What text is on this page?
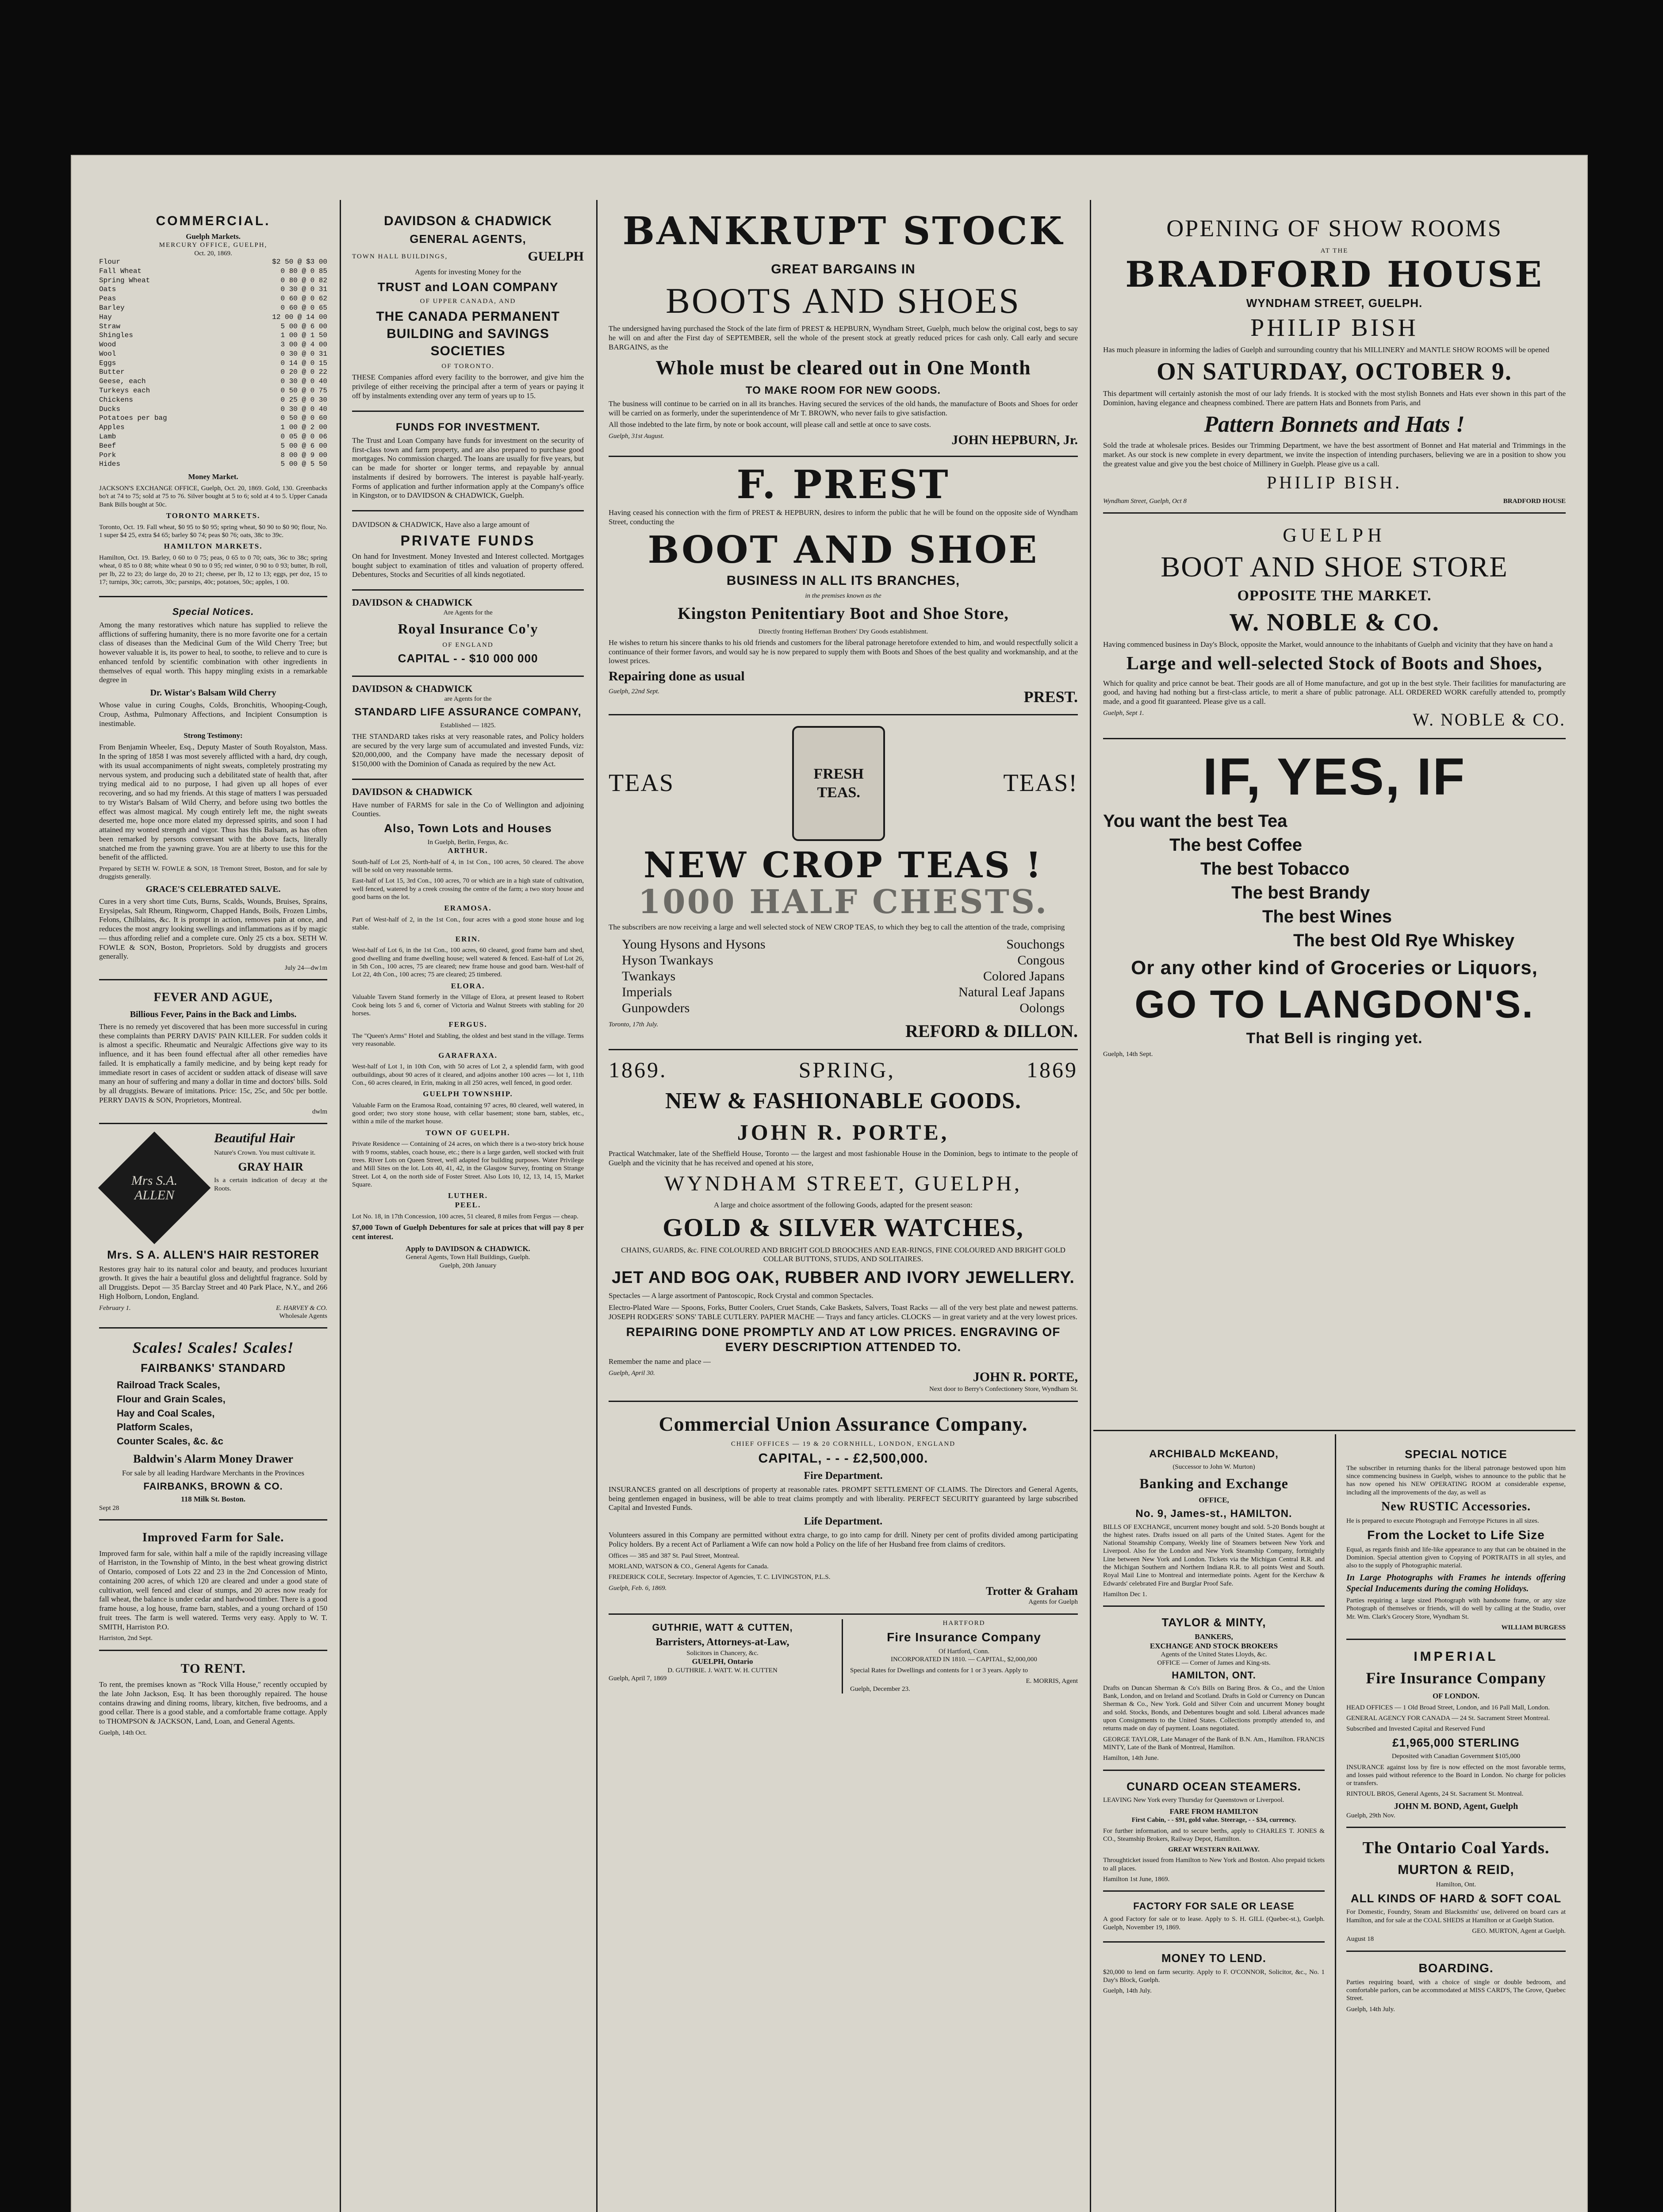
COMMERCIAL.
Guelph Markets.
MERCURY OFFICE, GUELPH,
Oct. 20, 1869.
Flour	$2 50 @ $3 00
Fall Wheat	0 80 @ 0 85
Spring Wheat	0 80 @ 0 82
Oats	0 30 @ 0 31
Peas	0 60 @ 0 62
Barley	0 60 @ 0 65
Hay	12 00 @ 14 00
Straw	5 00 @ 6 00
Shingles	1 00 @ 1 50
Wood	3 00 @ 4 00
Wool	0 30 @ 0 31
Eggs	0 14 @ 0 15
Butter	0 20 @ 0 22
Geese, each	0 30 @ 0 40
Turkeys each	0 50 @ 0 75
Chickens	0 25 @ 0 30
Ducks	0 30 @ 0 40
Potatoes per bag	0 50 @ 0 60
Apples	1 00 @ 2 00
Lamb	0 05 @ 0 06
Beef	5 00 @ 6 00
Pork	8 00 @ 9 00
Hides	5 00 @ 5 50
Money Market.
JACKSON'S EXCHANGE OFFICE, Guelph, Oct. 20, 1869. Gold, 130. Greenbacks bo't at 74 to 75; sold at 75 to 76. Silver bought at 5 to 6; sold at 4 to 5. Upper Canada Bank Bills bought at 50c.
TORONTO MARKETS.
Toronto, Oct. 19. Fall wheat, $0 95 to $0 95; spring wheat, $0 90 to $0 90; flour, No. 1 super $4 25, extra $4 65; barley $0 74; peas $0 76; oats, 38c to 39c.
HAMILTON MARKETS.
Hamilton, Oct. 19. Barley, 0 60 to 0 75; peas, 0 65 to 0 70; oats, 36c to 38c; spring wheat, 0 85 to 0 88; white wheat 0 90 to 0 95; red winter, 0 90 to 0 93; butter, lb roll, per lb, 22 to 23; do large do, 20 to 21; cheese, per lb, 12 to 13; eggs, per doz, 15 to 17; turnips, 30c; carrots, 30c; parsnips, 40c; potatoes, 50c; apples, 1 00.
Special Notices.
Among the many restoratives which nature has supplied to relieve the afflictions of suffering humanity, there is no more favorite one for a certain class of diseases than the Medicinal Gum of the Wild Cherry Tree; but however valuable it is, its power to heal, to soothe, to relieve and to cure is enhanced tenfold by scientific combination with other ingredients in themselves of equal worth. This happy mingling exists in a remarkable degree in
Dr. Wistar's Balsam Wild Cherry
Whose value in curing Coughs, Colds, Bronchitis, Whooping-Cough, Croup, Asthma, Pulmonary Affections, and Incipient Consumption is inestimable.
Strong Testimony:
From Benjamin Wheeler, Esq., Deputy Master of South Royalston, Mass. In the spring of 1858 I was most severely afflicted with a hard, dry cough, with its usual accompaniments of night sweats, completely prostrating my nervous system, and producing such a debilitated state of health that, after trying medical aid to no purpose, I had given up all hopes of ever recovering, and so had my friends. At this stage of matters I was persuaded to try Wistar's Balsam of Wild Cherry, and before using two bottles the effect was almost magical. My cough entirely left me, the night sweats deserted me, hope once more elated my depressed spirits, and soon I had attained my wonted strength and vigor. Thus has this Balsam, as has often been remarked by persons conversant with the above facts, literally snatched me from the yawning grave. You are at liberty to use this for the benefit of the afflicted.
Prepared by SETH W. FOWLE & SON, 18 Tremont Street, Boston, and for sale by druggists generally.
GRACE'S CELEBRATED SALVE.
Cures in a very short time Cuts, Burns, Scalds, Wounds, Bruises, Sprains, Erysipelas, Salt Rheum, Ringworm, Chapped Hands, Boils, Frozen Limbs, Felons, Chilblains, &c. It is prompt in action, removes pain at once, and reduces the most angry looking swellings and inflammations as if by magic — thus affording relief and a complete cure. Only 25 cts a box. SETH W. FOWLE & SON, Boston, Proprietors. Sold by druggists and grocers generally.
July 24—dw1m
FEVER AND AGUE,
Billious Fever, Pains in the Back and Limbs.
There is no remedy yet discovered that has been more successful in curing these complaints than PERRY DAVIS' PAIN KILLER. For sudden colds it is almost a specific. Rheumatic and Neuralgic Affections give way to its influence, and it has been found effectual after all other remedies have failed. It is emphatically a family medicine, and by being kept ready for immediate resort in cases of accident or sudden attack of disease will save many an hour of suffering and many a dollar in time and doctors' bills. Sold by all druggists. Beware of imitations. Price: 15c, 25c, and 50c per bottle. PERRY DAVIS & SON, Proprietors, Montreal.
dwlm
Mrs S.A. ALLEN
Beautiful Hair
Nature's Crown. You must cultivate it.
GRAY HAIR
Is a certain indication of decay at the Roots.
Mrs. S A. ALLEN'S HAIR RESTORER
Restores gray hair to its natural color and beauty, and produces luxuriant growth. It gives the hair a beautiful gloss and delightful fragrance. Sold by all Druggists. Depot — 35 Barclay Street and 40 Park Place, N.Y., and 266 High Holborn, London, England.
February 1.	E. HARVEY & CO.
Wholesale Agents
Scales! Scales! Scales!
FAIRBANKS' STANDARD
Railroad Track Scales,
Flour and Grain Scales,
Hay and Coal Scales,
Platform Scales,
Counter Scales, &c. &c
Baldwin's Alarm Money Drawer
For sale by all leading Hardware Merchants in the Provinces
FAIRBANKS, BROWN & CO.
118 Milk St. Boston.
Sept 28
Improved Farm for Sale.
Improved farm for sale, within half a mile of the rapidly increasing village of Harriston, in the Township of Minto, in the best wheat growing district of Ontario, composed of Lots 22 and 23 in the 2nd Concession of Minto, containing 200 acres, of which 120 are cleared and under a good state of cultivation, well fenced and clear of stumps, and 20 acres now ready for fall wheat, the balance is under cedar and hardwood timber. There is a good frame house, a log house, frame barn, stables, and a young orchard of 150 fruit trees. The farm is well watered. Terms very easy. Apply to W. T. SMITH, Harriston P.O.
Harriston, 2nd Sept.
TO RENT.
To rent, the premises known as "Rock Villa House," recently occupied by the late John Jackson, Esq. It has been thoroughly repaired. The house contains drawing and dining rooms, library, kitchen, five bedrooms, and a good cellar. There is a good stable, and a comfortable frame cottage. Apply to THOMPSON & JACKSON, Land, Loan, and General Agents.
Guelph, 14th Oct.
DAVIDSON & CHADWICK
GENERAL AGENTS,
TOWN HALL BUILDINGS,	GUELPH
Agents for investing Money for the
TRUST and LOAN COMPANY
OF UPPER CANADA, AND
THE CANADA PERMANENT BUILDING and SAVINGS SOCIETIES
OF TORONTO.
THESE Companies afford every facility to the borrower, and give him the privilege of either receiving the principal after a term of years or paying it off by instalments extending over any term of years up to 15.
FUNDS FOR INVESTMENT.
The Trust and Loan Company have funds for investment on the security of first-class town and farm property, and are also prepared to purchase good mortgages. No commission charged. The loans are usually for five years, but can be made for shorter or longer terms, and repayable by annual instalments if desired by borrowers. The interest is payable half-yearly. Forms of application and further information apply at the Company's office in Kingston, or to DAVIDSON & CHADWICK, Guelph.
DAVIDSON & CHADWICK, Have also a large amount of
PRIVATE FUNDS
On hand for Investment. Money Invested and Interest collected. Mortgages bought subject to examination of titles and valuation of property offered. Debentures, Stocks and Securities of all kinds negotiated.
DAVIDSON & CHADWICK
Are Agents for the
Royal Insurance Co'y
OF ENGLAND
CAPITAL - - $10 000 000
DAVIDSON & CHADWICK
are Agents for the
STANDARD LIFE ASSURANCE COMPANY,
Established — 1825.
THE STANDARD takes risks at very reasonable rates, and Policy holders are secured by the very large sum of accumulated and invested Funds, viz: $20,000,000, and the Company have made the necessary deposit of $150,000 with the Dominion of Canada as required by the new Act.
DAVIDSON & CHADWICK
Have number of FARMS for sale in the Co of Wellington and adjoining Counties.
Also, Town Lots and Houses
In Guelph, Berlin, Fergus, &c.
ARTHUR.
South-half of Lot 25, North-half of 4, in 1st Con., 100 acres, 50 cleared. The above will be sold on very reasonable terms.
East-half of Lot 15, 3rd Con., 100 acres, 70 or which are in a high state of cultivation, well fenced, watered by a creek crossing the centre of the farm; a two story house and good barns on the lot.
ERAMOSA.
Part of West-half of 2, in the 1st Con., four acres with a good stone house and log stable.
ERIN.
West-half of Lot 6, in the 1st Con., 100 acres, 60 cleared, good frame barn and shed, good dwelling and frame dwelling house; well watered & fenced. East-half of Lot 26, in 5th Con., 100 acres, 75 are cleared; new frame house and good barn. West-half of Lot 22, 4th Con., 100 acres; 75 are cleared; 25 timbered.
ELORA.
Valuable Tavern Stand formerly in the Village of Elora, at present leased to Robert Cook being lots 5 and 6, corner of Victoria and Walnut Streets with stabling for 20 horses.
FERGUS.
The "Queen's Arms" Hotel and Stabling, the oldest and best stand in the village. Terms very reasonable.
GARAFRAXA.
West-half of Lot 1, in 10th Con, with 50 acres of Lot 2, a splendid farm, with good outbuildings, about 90 acres of it cleared, and adjoins another 100 acres — lot 1, 11th Con., 60 acres cleared, in Erin, making in all 250 acres, well fenced, in good order.
GUELPH TOWNSHIP.
Valuable Farm on the Eramosa Road, containing 97 acres, 80 cleared, well watered, in good order; two story stone house, with cellar basement; stone barn, stables, etc., within a mile of the market house.
TOWN OF GUELPH.
Private Residence — Containing of 24 acres, on which there is a two-story brick house with 9 rooms, stables, coach house, etc.; there is a large garden, well stocked with fruit trees. River Lots on Queen Street, well adapted for building purposes. Water Privilege and Mill Sites on the lot. Lots 40, 41, 42, in the Glasgow Survey, fronting on Strange Street. Lot 4, on the north side of Foster Street. Also Lots 10, 12, 13, 14, 15, Market Square.
LUTHER.
PEEL.
Lot No. 18, in 17th Concession, 100 acres, 51 cleared, 8 miles from Fergus — cheap.
$7,000 Town of Guelph Debentures for sale at prices that will pay 8 per cent interest.
Apply to DAVIDSON & CHADWICK.
General Agents, Town Hall Buildings, Guelph.
Guelph, 20th January
BANKRUPT STOCK
GREAT BARGAINS IN
BOOTS AND SHOES
The undersigned having purchased the Stock of the late firm of PREST & HEPBURN, Wyndham Street, Guelph, much below the original cost, begs to say he will on and after the First day of SEPTEMBER, sell the whole of the present stock at greatly reduced prices for cash only. Call early and secure BARGAINS, as the
Whole must be cleared out in One Month
TO MAKE ROOM FOR NEW GOODS.
The business will continue to be carried on in all its branches. Having secured the services of the old hands, the manufacture of Boots and Shoes for order will be carried on as formerly, under the superintendence of Mr T. BROWN, who never fails to give satisfaction.
All those indebted to the late firm, by note or book account, will please call and settle at once to save costs.
Guelph, 31st August.	JOHN HEPBURN, Jr.
F. PREST
Having ceased his connection with the firm of PREST & HEPBURN, desires to inform the public that he will be found on the opposite side of Wyndham Street, conducting the
BOOT AND SHOE
BUSINESS IN ALL ITS BRANCHES,
in the premises known as the
Kingston Penitentiary Boot and Shoe Store,
Directly fronting Heffernan Brothers' Dry Goods establishment.
He wishes to return his sincere thanks to his old friends and customers for the liberal patronage heretofore extended to him, and would respectfully solicit a continuance of their former favors, and would say he is now prepared to supply them with Boots and Shoes of the best quality and workmanship, and at the lowest prices.
Repairing done as usual
Guelph, 22nd Sept.	PREST.
TEAS	FRESH TEAS.	TEAS!
NEW CROP TEAS !
1000 HALF CHESTS.
The subscribers are now receiving a large and well selected stock of NEW CROP TEAS, to which they beg to call the attention of the trade, comprising
Young Hysons and Hysons
Hyson Twankays
Twankays
Imperials
Gunpowders
Souchongs
Congous
Colored Japans
Natural Leaf Japans
Oolongs
Toronto, 17th July.	REFORD & DILLON.
1869.	SPRING,	1869
NEW & FASHIONABLE GOODS.
JOHN R. PORTE,
Practical Watchmaker, late of the Sheffield House, Toronto — the largest and most fashionable House in the Dominion, begs to intimate to the people of Guelph and the vicinity that he has received and opened at his store,
WYNDHAM STREET, GUELPH,
A large and choice assortment of the following Goods, adapted for the present season:
GOLD & SILVER WATCHES,
CHAINS, GUARDS, &c. FINE COLOURED AND BRIGHT GOLD BROOCHES AND EAR-RINGS, FINE COLOURED AND BRIGHT GOLD COLLAR BUTTONS, STUDS, AND SOLITAIRES.
JET AND BOG OAK, RUBBER AND IVORY JEWELLERY.
Spectacles — A large assortment of Pantoscopic, Rock Crystal and common Spectacles.
Electro-Plated Ware — Spoons, Forks, Butter Coolers, Cruet Stands, Cake Baskets, Salvers, Toast Racks — all of the very best plate and newest patterns. JOSEPH RODGERS' SONS' TABLE CUTLERY. PAPIER MACHE — Trays and fancy articles. CLOCKS — in great variety and at the very lowest prices.
REPAIRING DONE PROMPTLY AND AT LOW PRICES. ENGRAVING OF EVERY DESCRIPTION ATTENDED TO.
Remember the name and place —
Guelph, April 30.	JOHN R. PORTE,
Next door to Berry's Confectionery Store, Wyndham St.
Commercial Union Assurance Company.
CHIEF OFFICES — 19 & 20 CORNHILL, LONDON, ENGLAND
CAPITAL, - - - £2,500,000.
Fire Department.
INSURANCES granted on all descriptions of property at reasonable rates. PROMPT SETTLEMENT OF CLAIMS. The Directors and General Agents, being gentlemen engaged in business, will be able to treat claims promptly and with liberality. PERFECT SECURITY guaranteed by large subscribed Capital and Invested Funds.
Life Department.
Volunteers assured in this Company are permitted without extra charge, to go into camp for drill. Ninety per cent of profits divided among participating Policy holders. By a recent Act of Parliament a Wife can now hold a Policy on the life of her Husband free from claims of creditors.
Offices — 385 and 387 St. Paul Street, Montreal.
MORLAND, WATSON & CO., General Agents for Canada.
FREDERICK COLE, Secretary. Inspector of Agencies, T. C. LIVINGSTON, P.L.S.
Guelph, Feb. 6, 1869.	Trotter & Graham
Agents for Guelph
GUTHRIE, WATT & CUTTEN,
Barristers, Attorneys-at-Law,
Solicitors in Chancery, &c.
GUELPH, Ontario
D. GUTHRIE. J. WATT. W. H. CUTTEN
Guelph, April 7, 1869
HARTFORD
Fire Insurance Company
Of Hartford, Conn.
INCORPORATED IN 1810. — CAPITAL, $2,000,000
Special Rates for Dwellings and contents for 1 or 3 years. Apply to
E. MORRIS, Agent
Guelph, December 23.
OPENING OF SHOW ROOMS
AT THE
BRADFORD HOUSE
WYNDHAM STREET, GUELPH.
PHILIP BISH
Has much pleasure in informing the ladies of Guelph and surrounding country that his MILLINERY and MANTLE SHOW ROOMS will be opened
ON SATURDAY, OCTOBER 9.
This department will certainly astonish the most of our lady friends. It is stocked with the most stylish Bonnets and Hats ever shown in this part of the Dominion, having elegance and cheapness combined. There are pattern Hats and Bonnets from Paris, and
Pattern Bonnets and Hats !
Sold the trade at wholesale prices. Besides our Trimming Department, we have the best assortment of Bonnet and Hat material and Trimmings in the market. As our stock is new complete in every department, we invite the inspection of intending purchasers, believing we are in a position to show you the greatest value and give you the best choice of Millinery in Guelph. Please give us a call.
PHILIP BISH.
Wyndham Street, Guelph, Oct 8	BRADFORD HOUSE
GUELPH
BOOT AND SHOE STORE
OPPOSITE THE MARKET.
W. NOBLE & CO.
Having commenced business in Day's Block, opposite the Market, would announce to the inhabitants of Guelph and vicinity that they have on hand a
Large and well-selected Stock of Boots and Shoes,
Which for quality and price cannot be beat. Their goods are all of Home manufacture, and got up in the best style. Their facilities for manufacturing are good, and having had nothing but a first-class article, to merit a share of public patronage. ALL ORDERED WORK carefully attended to, promptly made, and a good fit guaranteed. Please give us a call.
Guelph, Sept 1.	W. NOBLE & CO.
IF, YES, IF
You want the best Tea
The best Coffee
The best Tobacco
The best Brandy
The best Wines
The best Old Rye Whiskey
Or any other kind of Groceries or Liquors,
GO TO LANGDON'S.
That Bell is ringing yet.
Guelph, 14th Sept.
ARCHIBALD McKEAND,
(Successor to John W. Murton)
Banking and Exchange
OFFICE,
No. 9, James-st., HAMILTON.
BILLS OF EXCHANGE, uncurrent money bought and sold. 5-20 Bonds bought at the highest rates. Drafts issued on all parts of the United States. Agent for the National Steamship Company, Weekly line of Steamers between New York and Liverpool. Also for the London and New York Steamship Company, fortnightly Line between New York and London. Tickets via the Michigan Central R.R. and the Michigan Southern and Northern Indiana R.R. to all points West and South. Royal Mail Line to Montreal and intermediate points. Agent for the Kerchaw & Edwards' celebrated Fire and Burglar Proof Safe.
Hamilton Dec 1.
TAYLOR & MINTY,
BANKERS,
EXCHANGE AND STOCK BROKERS
Agents of the United States Lloyds, &c.
OFFICE — Corner of James and King-sts.
HAMILTON, ONT.
Drafts on Duncan Sherman & Co's Bills on Baring Bros. & Co., and the Union Bank, London, and on Ireland and Scotland. Drafts in Gold or Currency on Duncan Sherman & Co., New York. Gold and Silver Coin and uncurrent Money bought and sold. Stocks, Bonds, and Debentures bought and sold. Liberal advances made upon Consignments to the United States. Collections promptly attended to, and returns made on day of payment. Loans negotiated.
GEORGE TAYLOR, Late Manager of the Bank of B.N. Am., Hamilton. FRANCIS MINTY, Late of the Bank of Montreal, Hamilton.
Hamilton, 14th June.
CUNARD OCEAN STEAMERS.
LEAVING New York every Thursday for Queenstown or Liverpool.
FARE FROM HAMILTON
First Cabin, - - $91, gold value. Steerage, - - $34, currency.
For further information, and to secure berths, apply to CHARLES T. JONES & CO., Steamship Brokers, Railway Depot, Hamilton.
GREAT WESTERN RAILWAY.
Throughticket issued from Hamilton to New York and Boston. Also prepaid tickets to all places.
Hamilton 1st June, 1869.
FACTORY FOR SALE OR LEASE
A good Factory for sale or to lease. Apply to S. H. GILL (Quebec-st.), Guelph. Guelph, November 19, 1869.
MONEY TO LEND.
$20,000 to lend on farm security. Apply to F. O'CONNOR, Solicitor, &c., No. 1 Day's Block, Guelph.
Guelph, 14th July.
SPECIAL NOTICE
The subscriber in returning thanks for the liberal patronage bestowed upon him since commencing business in Guelph, wishes to announce to the public that he has now opened his NEW OPERATING ROOM at considerable expense, including all the improvements of the day, as well as
New RUSTIC Accessories.
He is prepared to execute Photograph and Ferrotype Pictures in all sizes.
From the Locket to Life Size
Equal, as regards finish and life-like appearance to any that can be obtained in the Dominion. Special attention given to Copying of PORTRAITS in all styles, and also to the supply of Photographic material.
In Large Photographs with Frames he intends offering Special Inducements during the coming Holidays.
Parties requiring a large sized Photograph with handsome frame, or any size Photograph of themselves or friends, will do well by calling at the Studio, over Mr. Wm. Clark's Grocery Store, Wyndham St.
WILLIAM BURGESS
IMPERIAL
Fire Insurance Company
OF LONDON.
HEAD OFFICES — 1 Old Broad Street, London, and 16 Pall Mall, London.
GENERAL AGENCY FOR CANADA — 24 St. Sacrament Street Montreal.
Subscribed and Invested Capital and Reserved Fund
£1,965,000 STERLING
Deposited with Canadian Government $105,000
INSURANCE against loss by fire is now effected on the most favorable terms, and losses paid without reference to the Board in London. No charge for policies or transfers.
RINTOUL BROS, General Agents, 24 St. Sacrament St. Montreal.
JOHN M. BOND, Agent, Guelph
Guelph, 29th Nov.
The Ontario Coal Yards.
MURTON & REID,
Hamilton, Ont.
ALL KINDS OF HARD & SOFT COAL
For Domestic, Foundry, Steam and Blacksmiths' use, delivered on board cars at Hamilton, and for sale at the COAL SHEDS at Hamilton or at Guelph Station.
GEO. MURTON, Agent at Guelph.
August 18
BOARDING.
Parties requiring board, with a choice of single or double bedroom, and comfortable parlors, can be accommodated at MISS CARD'S, The Grove, Quebec Street.
Guelph, 14th July.
